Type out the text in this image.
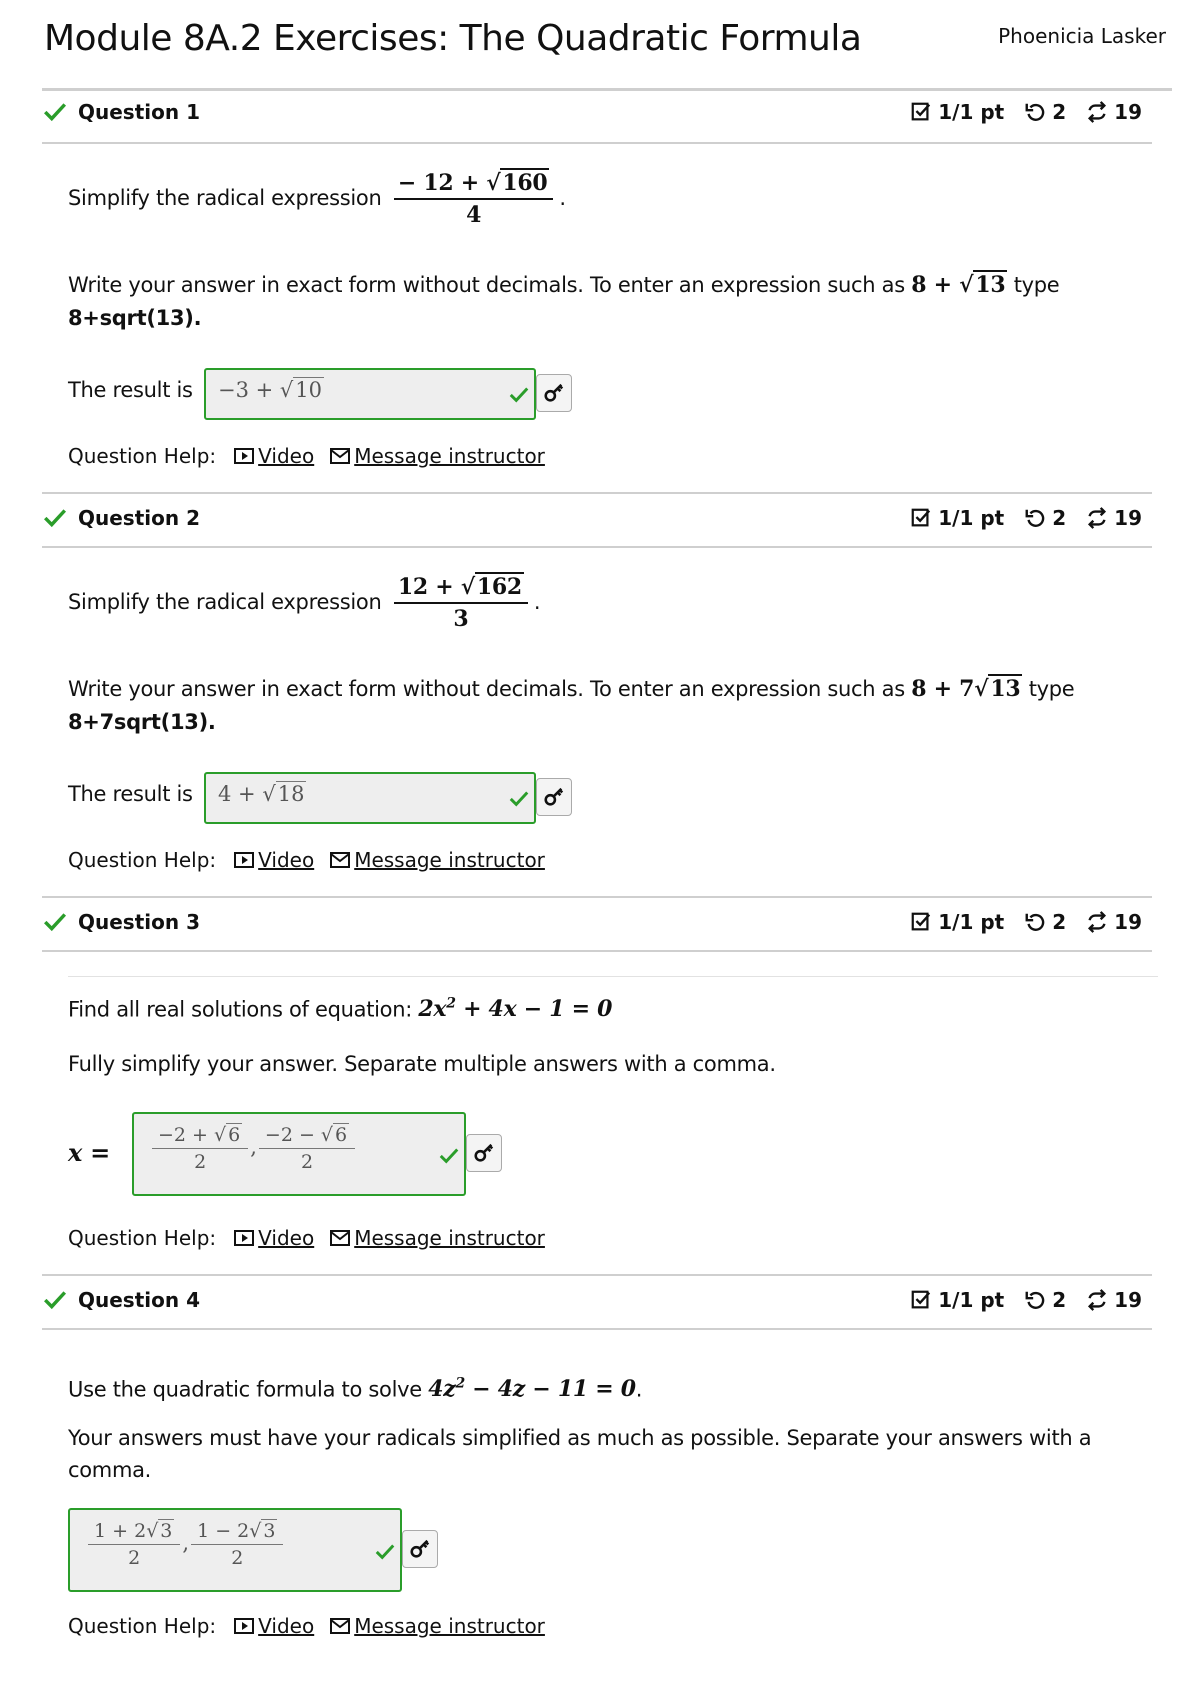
Module 8A.2 Exercises: The Quadratic Formula	Phoenicia Lasker
Question 1	1/1 pt 2 19
Simplify the radical expression $\frac{- 12 + √160}{4}$ .
Write your answer in exact form without decimals. To enter an expression such as 8 + √13 type
8+sqrt(13).
The result is −3 + √10
Question Help: Video Message instructor
Question 2	1/1 pt 2 19
Simplify the radical expression $\frac{12 + √162}{3}$ .
Write your answer in exact form without decimals. To enter an expression such as 8 + 7√13 type
8+7sqrt(13).
The result is 4 + √18
Question Help: Video Message instructor
Question 3	1/1 pt 2 19
Find all real solutions of equation: $2x^2 + 4x - 1 = 0$
Fully simplify your answer. Separate multiple answers with a comma.
$x = \frac{-2 + √ 6}{2}$ , $\frac{-2 - √ 6}{2}$
Question Help: Video Message instructor
Question 4	1/1 pt 2 19
Use the quadratic formula to solve $4z^2 - 4z - 11 = 0$.
Your answers must have your radicals simplified as much as possible. Separate your answers with a
comma.
$\frac{1 + 2√ 3}{2}$ , $\frac{1 - 2√ 3}{2}$
Question Help: Video Message instructor
